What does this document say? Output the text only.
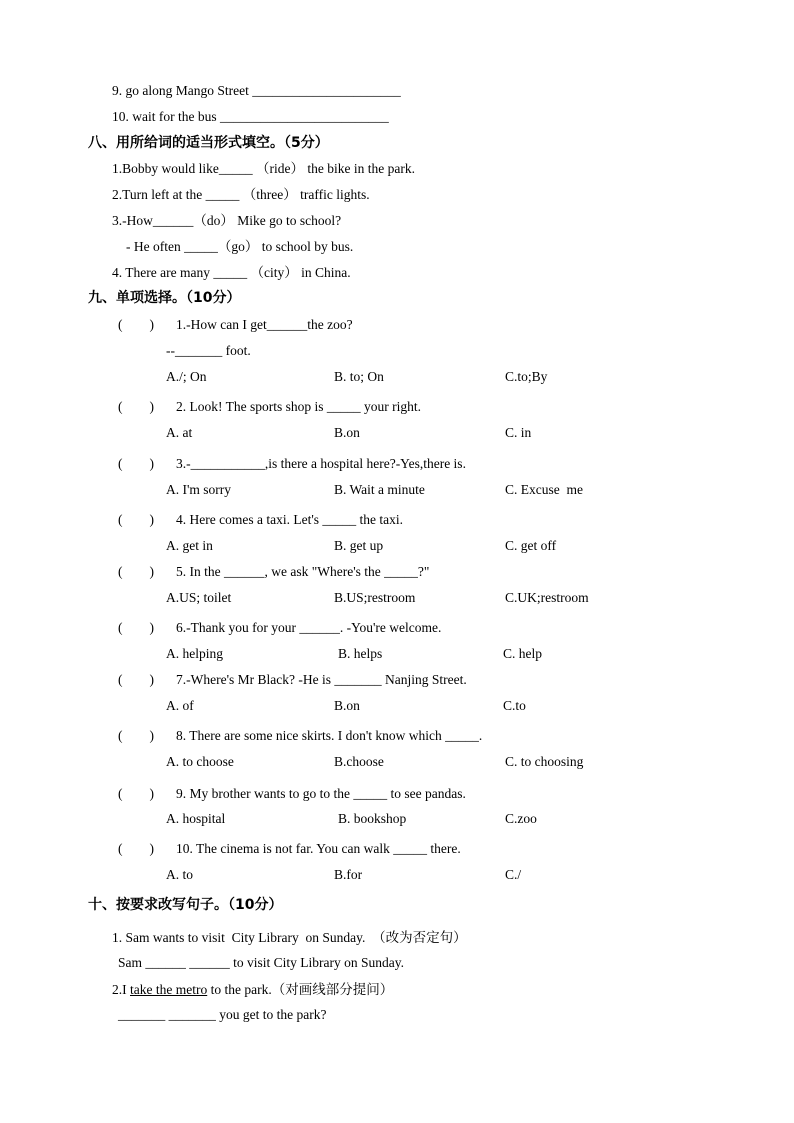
9. go along Mango Street ______________________
10. wait for the bus _________________________
八、用所给词的适当形式填空。（5分）
1.Bobby would like_____ （ride） the bike in the park.
2.Turn left at the _____ （three） traffic lights.
3.-How______（do） Mike go to school?
- He often _____（go） to school by bus.
4. There are many _____ （city） in China.
九、单项选择。（10分）
(        ) 1.-How can I get______the zoo?
--_______ foot.
A./; On	B. to; On	C.to;By
(        ) 2. Look! The sports shop is _____ your right.
A. at	B.on	C. in
(        ) 3.-___________,is there a hospital here?-Yes,there is.
A. I'm sorry	B. Wait a minute	C. Excuse  me
(        ) 4. Here comes a taxi. Let's _____ the taxi.
A. get in	B. get up	C. get off
(        ) 5. In the ______, we ask "Where's the _____?"
A.US; toilet	B.US;restroom	C.UK;restroom
(        ) 6.-Thank you for your ______. -You're welcome.
A. helping	B. helps	C. help
(        ) 7.-Where's Mr Black? -He is _______ Nanjing Street.
A. of	B.on	C.to
(        ) 8. There are some nice skirts. I don't know which _____.
A. to choose	B.choose	C. to choosing
(        ) 9. My brother wants to go to the _____ to see pandas.
A. hospital	B. bookshop	C.zoo
(        ) 10. The cinema is not far. You can walk _____ there.
A. to	B.for	C./
十、按要求改写句子。（10分）
1. Sam wants to visit  City Library  on Sunday.  （改为否定句）
Sam ______ ______ to visit City Library on Sunday.
2.I take the metro to the park.（对画线部分提问）
_______ _______ you get to the park?
